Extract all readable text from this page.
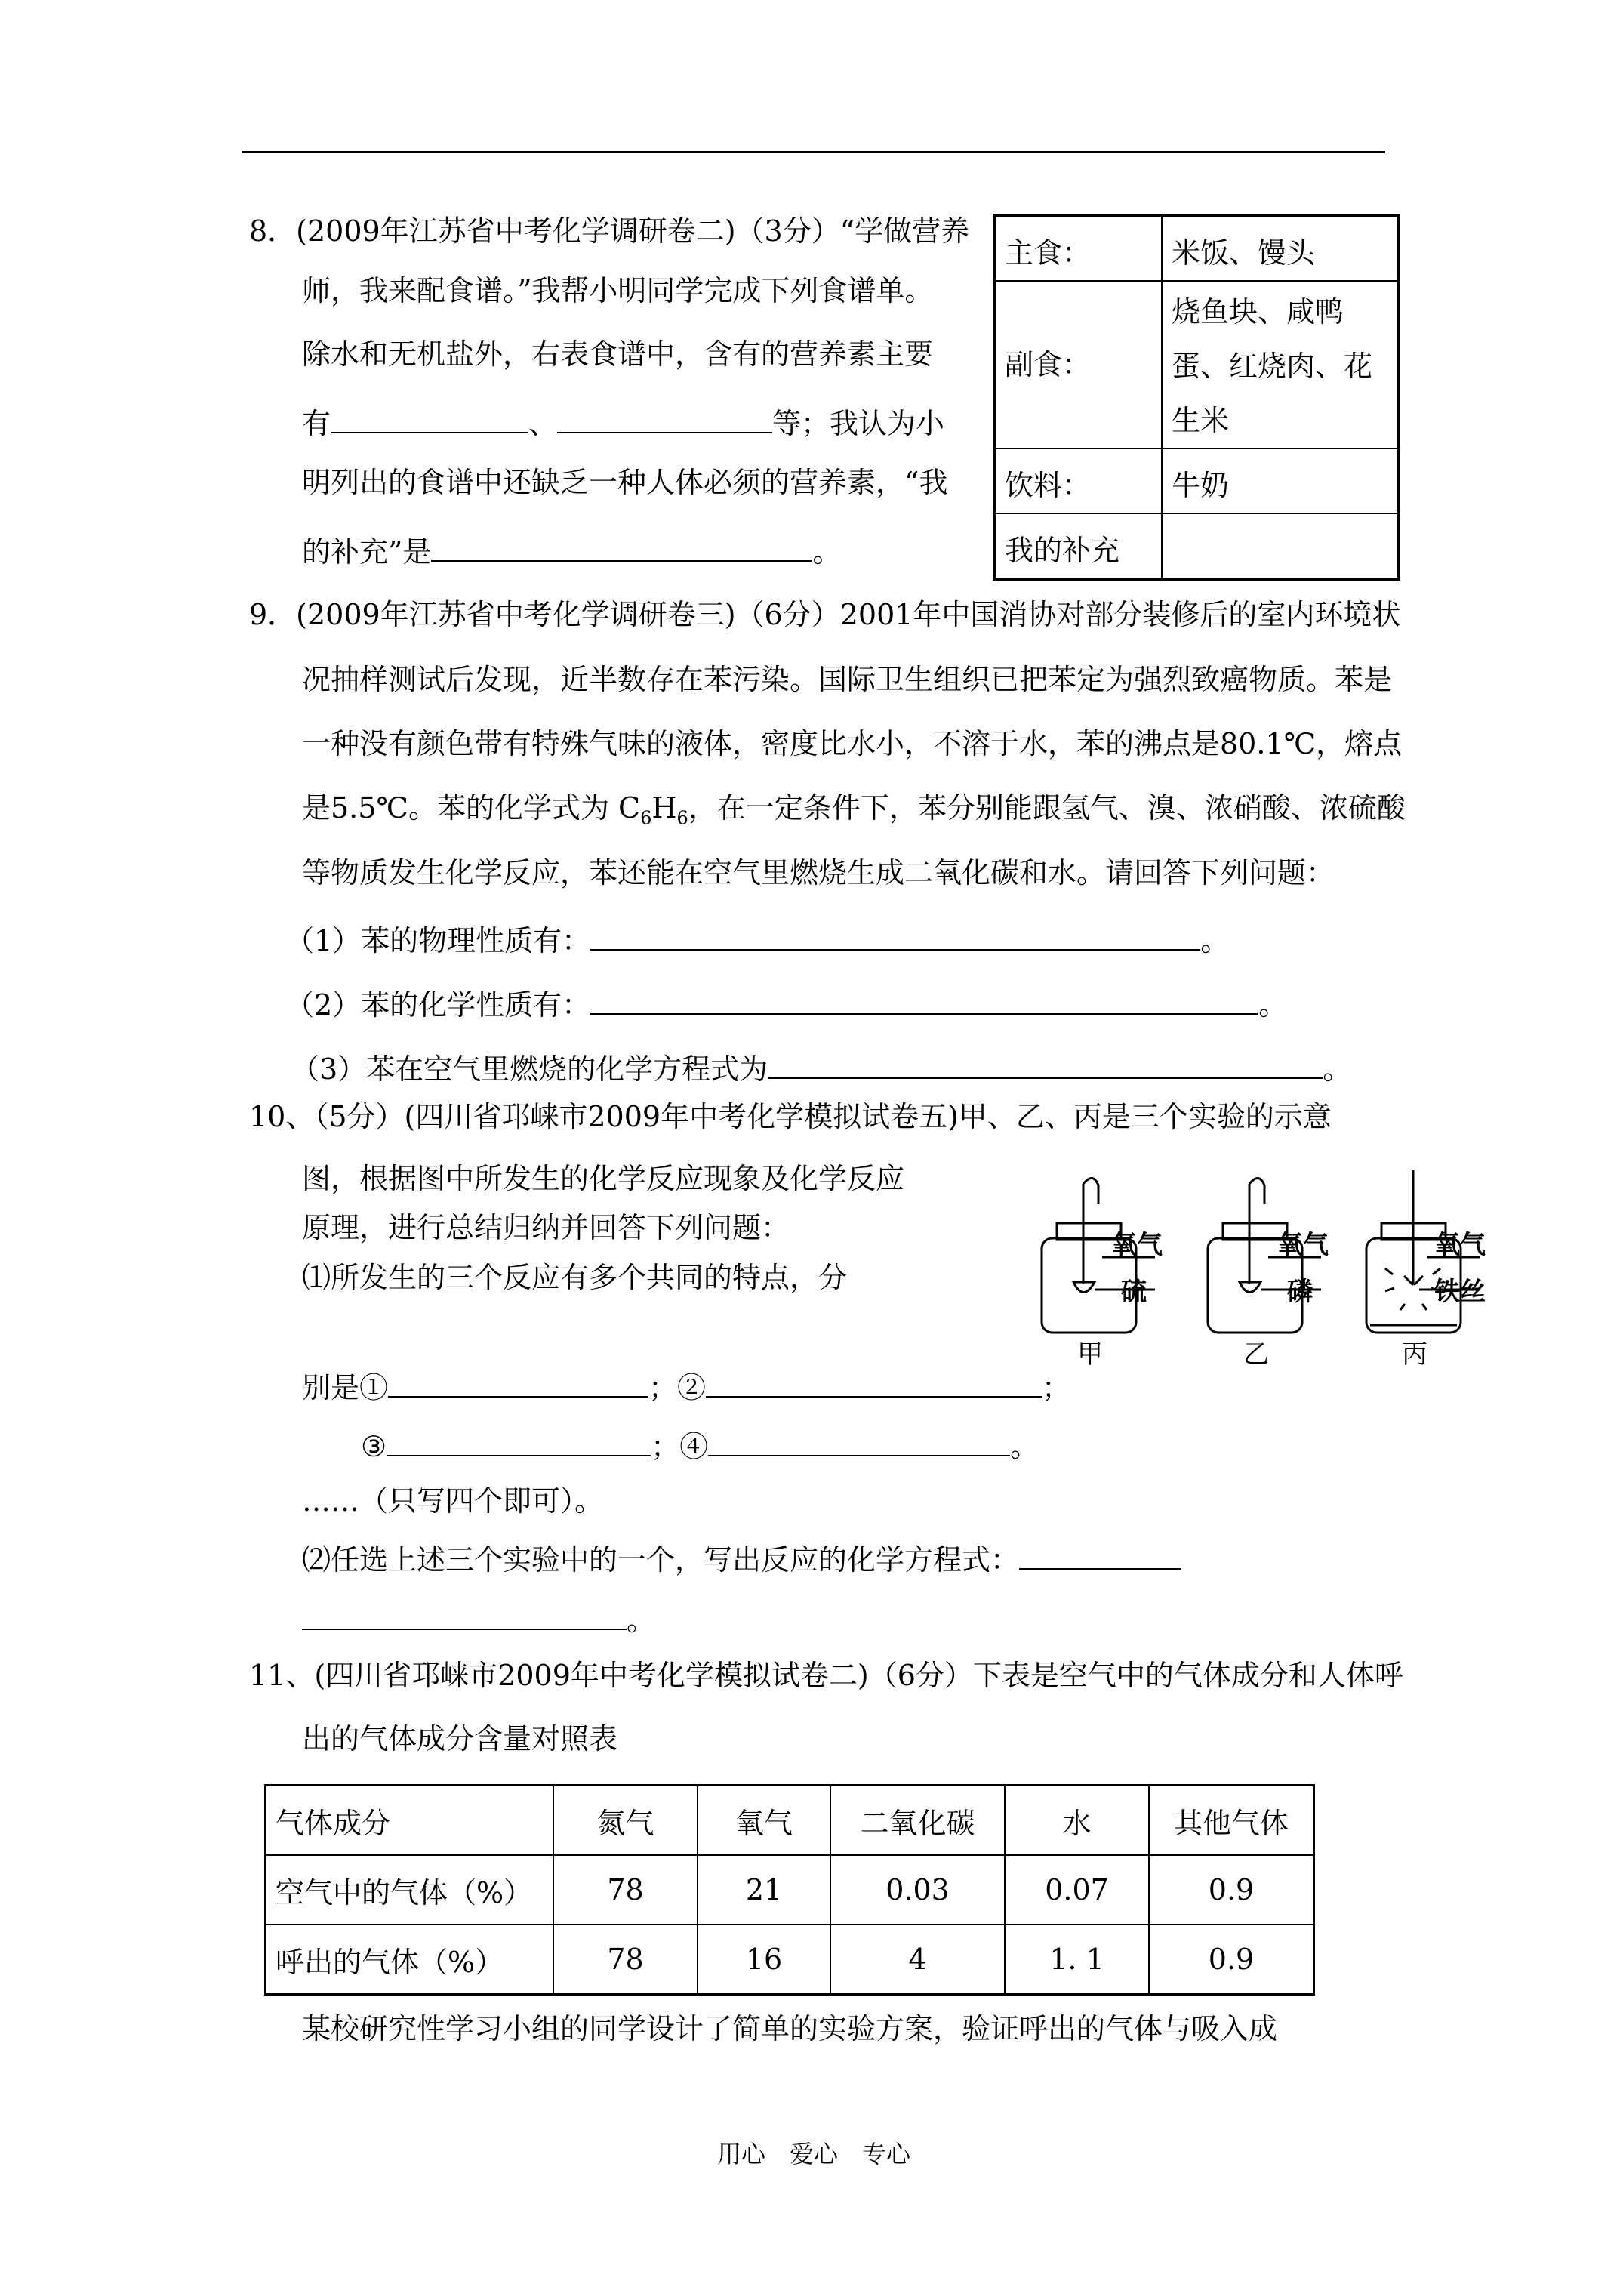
8．(2009年江苏省中考化学调研卷二)（3分）“学做营养
师，我来配食谱。”我帮小明同学完成下列食谱单。
除水和无机盐外，右表食谱中，含有的营养素主要
有	、	等；我认为小
明列出的食谱中还缺乏一种人体必须的营养素，“我
的补充”是	。
主食：	米饭、馒头
副食：	烧鱼块、咸鸭蛋、红烧肉、花生米
饮料：	牛奶
我的补充	
9．(2009年江苏省中考化学调研卷三)（6分）2001年中国消协对部分装修后的室内环境状
况抽样测试后发现，近半数存在苯污染。国际卫生组织已把苯定为强烈致癌物质。苯是
一种没有颜色带有特殊气味的液体，密度比水小，不溶于水，苯的沸点是80.1℃，熔点
是5.5℃。苯的化学式为 $C_6H_6$，在一定条件下，苯分别能跟氢气、溴、浓硝酸、浓硫酸
等物质发生化学反应，苯还能在空气里燃烧生成二氧化碳和水。请回答下列问题：
（1）苯的物理性质有：	。
（2）苯的化学性质有：	。
（3）苯在空气里燃烧的化学方程式为	。
10、（5分）(四川省邛崃市2009年中考化学模拟试卷五)甲、乙、丙是三个实验的示意
图，根据图中所发生的化学反应现象及化学反应
原理，进行总结归纳并回答下列问题：
⑴所发生的三个反应有多个共同的特点，分
别是①	；②	；
③	；④	。
……（只写四个即可）。
⑵任选上述三个实验中的一个，写出反应的化学方程式：
。
氧气
硫
氧气
磷
氧气
铁丝
甲	乙	丙
11、(四川省邛崃市2009年中考化学模拟试卷二)（6分）下表是空气中的气体成分和人体呼
出的气体成分含量对照表
气体成分	氮气	氧气	二氧化碳	水	其他气体
空气中的气体（%）	78	21	0.03	0.07	0.9
呼出的气体（%）	78	16	4	1. 1	0.9
某校研究性学习小组的同学设计了简单的实验方案，验证呼出的气体与吸入成
用心　爱心　专心
